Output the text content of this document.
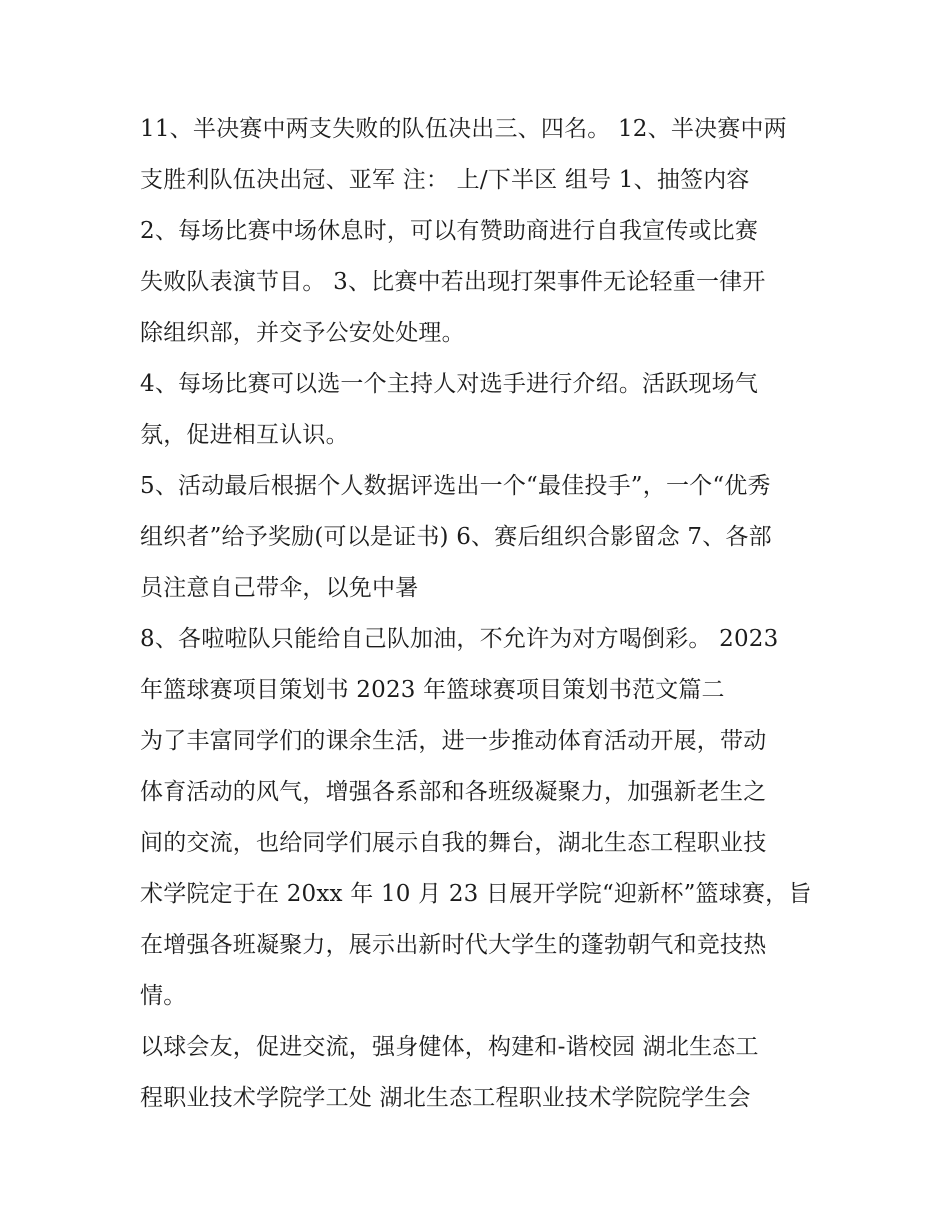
11、半决赛中两支失败的队伍决出三、四名。 12、半决赛中两
支胜利队伍决出冠、亚军 注： 上/下半区 组号 1、抽签内容
2、每场比赛中场休息时，可以有赞助商进行自我宣传或比赛
失败队表演节目。 3、比赛中若出现打架事件无论轻重一律开
除组织部，并交予公安处处理。
4、每场比赛可以选一个主持人对选手进行介绍。活跃现场气
氛，促进相互认识。
5、活动最后根据个人数据评选出一个“最佳投手”，一个“优秀
组织者”给予奖励(可以是证书) 6、赛后组织合影留念 7、各部
员注意自己带伞，以免中暑
8、各啦啦队只能给自己队加油，不允许为对方喝倒彩。 2023
年篮球赛项目策划书 2023 年篮球赛项目策划书范文篇二
为了丰富同学们的课余生活，进一步推动体育活动开展，带动
体育活动的风气，增强各系部和各班级凝聚力，加强新老生之
间的交流，也给同学们展示自我的舞台，湖北生态工程职业技
术学院定于在 20xx 年 10 月 23 日展开学院“迎新杯”篮球赛，旨
在增强各班凝聚力，展示出新时代大学生的蓬勃朝气和竞技热
情。
以球会友，促进交流，强身健体，构建和-谐校园 湖北生态工
程职业技术学院学工处 湖北生态工程职业技术学院院学生会
